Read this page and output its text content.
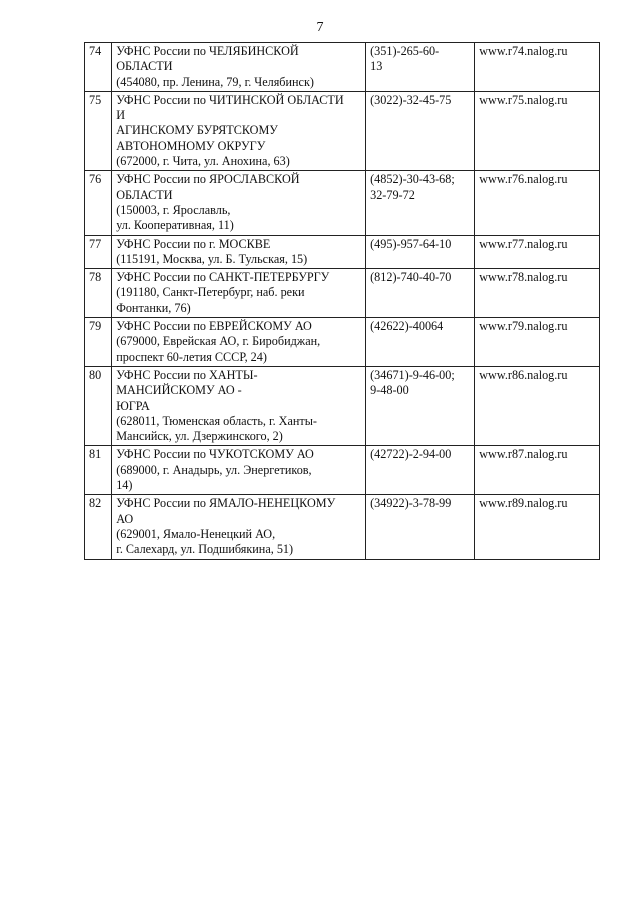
7
74	УФНС России по ЧЕЛЯБИНСКОЙ
ОБЛАСТИ
(454080, пр. Ленина, 79, г. Челябинск)	(351)-265-60-
13	www.r74.nalog.ru
75	УФНС России по ЧИТИНСКОЙ ОБЛАСТИ
И
АГИНСКОМУ БУРЯТСКОМУ
АВТОНОМНОМУ ОКРУГУ
(672000, г. Чита, ул. Анохина, 63)	(3022)-32-45-75	www.r75.nalog.ru
76	УФНС России по ЯРОСЛАВСКОЙ
ОБЛАСТИ
(150003, г. Ярославль,
ул. Кооперативная, 11)	(4852)-30-43-68;
32-79-72	www.r76.nalog.ru
77	УФНС России по г. МОСКВЕ
(115191, Москва, ул. Б. Тульская, 15)	(495)-957-64-10	www.r77.nalog.ru
78	УФНС России по САНКТ-ПЕТЕРБУРГУ
(191180, Санкт-Петербург, наб. реки
Фонтанки, 76)	(812)-740-40-70	www.r78.nalog.ru
79	УФНС России по ЕВРЕЙСКОМУ АО
(679000, Еврейская АО, г. Биробиджан,
проспект 60-летия СССР, 24)	(42622)-40064	www.r79.nalog.ru
80	УФНС России по ХАНТЫ-
МАНСИЙСКОМУ АО -
ЮГРА
(628011, Тюменская область, г. Ханты-
Мансийск, ул. Дзержинского, 2)	(34671)-9-46-00;
9-48-00	www.r86.nalog.ru
81	УФНС России по ЧУКОТСКОМУ АО
(689000, г. Анадырь, ул. Энергетиков,
14)	(42722)-2-94-00	www.r87.nalog.ru
82	УФНС России по ЯМАЛО-НЕНЕЦКОМУ
АО
(629001, Ямало-Ненецкий АО,
г. Салехард, ул. Подшибякина, 51)	(34922)-3-78-99	www.r89.nalog.ru
